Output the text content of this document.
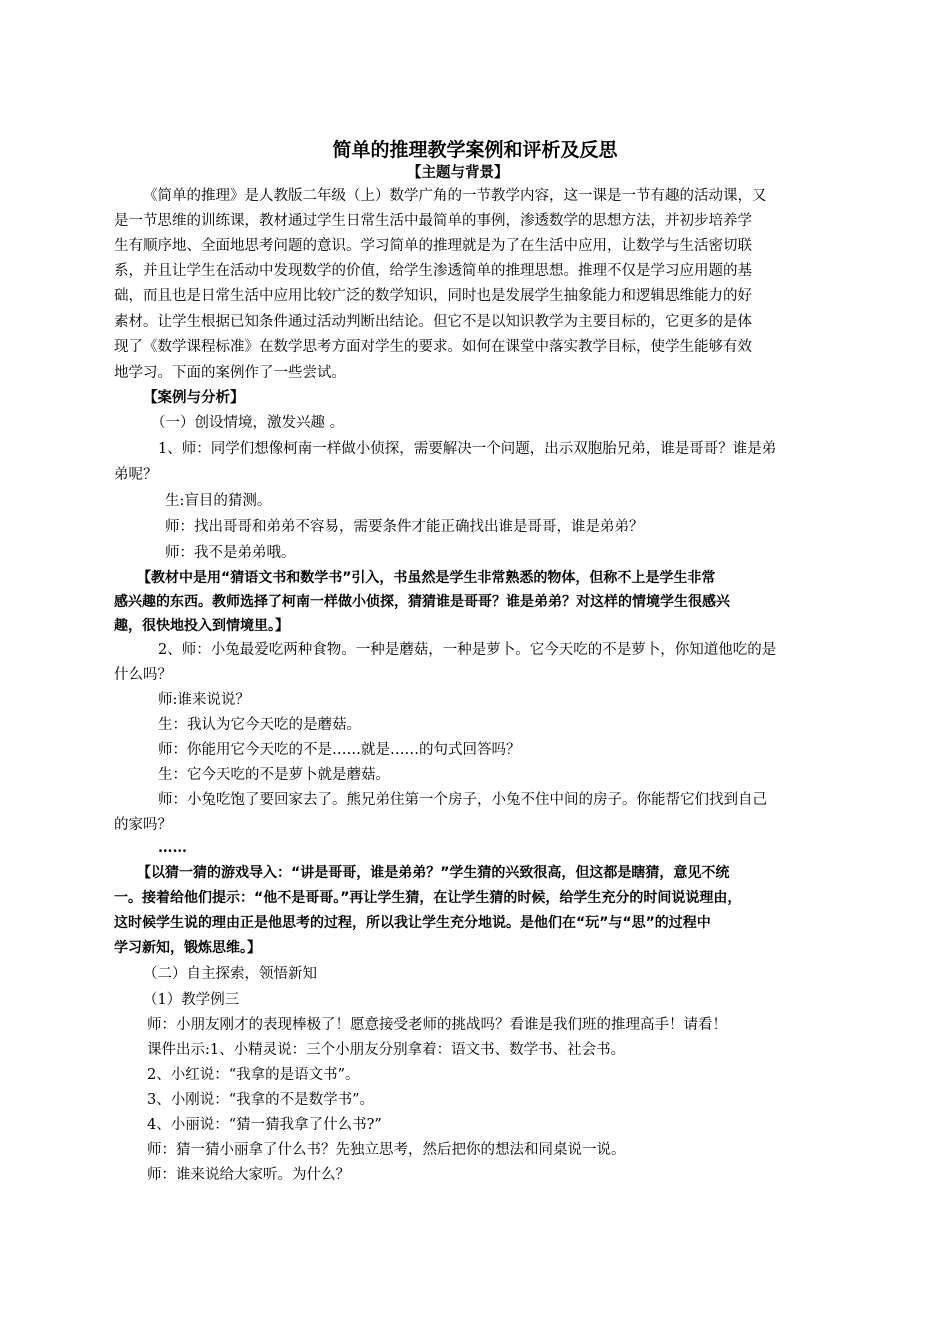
简单的推理教学案例和评析及反思
【主题与背景】
《简单的推理》是人教版二年级（上）数学广角的一节教学内容，这一课是一节有趣的活动课，又
是一节思维的训练课，教材通过学生日常生活中最简单的事例，渗透数学的思想方法，并初步培养学
生有顺序地、全面地思考问题的意识。学习简单的推理就是为了在生活中应用，让数学与生活密切联
系，并且让学生在活动中发现数学的价值，给学生渗透简单的推理思想。推理不仅是学习应用题的基
础，而且也是日常生活中应用比较广泛的数学知识，同时也是发展学生抽象能力和逻辑思维能力的好
素材。让学生根据已知条件通过活动判断出结论。但它不是以知识教学为主要目标的，它更多的是体
现了《数学课程标准》在数学思考方面对学生的要求。如何在课堂中落实教学目标，使学生能够有效
地学习。下面的案例作了一些尝试。
【案例与分析】
（一）创设情境，激发兴趣 。
1、师：同学们想像柯南一样做小侦探，需要解决一个问题，出示双胞胎兄弟，谁是哥哥？谁是弟
弟呢？
生:盲目的猜测。
师：找出哥哥和弟弟不容易，需要条件才能正确找出谁是哥哥，谁是弟弟？
师：我不是弟弟哦。
【教材中是用“猜语文书和数学书”引入，书虽然是学生非常熟悉的物体，但称不上是学生非常
感兴趣的东西。教师选择了柯南一样做小侦探，猜猜谁是哥哥？谁是弟弟？对这样的情境学生很感兴
趣，很快地投入到情境里。】
2、师：小兔最爱吃两种食物。一种是蘑菇，一种是萝卜。它今天吃的不是萝卜，你知道他吃的是
什么吗？
师:谁来说说？
生：我认为它今天吃的是蘑菇。
师：你能用它今天吃的不是……就是……的句式回答吗？
生：它今天吃的不是萝卜就是蘑菇。
师：小兔吃饱了要回家去了。熊兄弟住第一个房子，小兔不住中间的房子。你能帮它们找到自己
的家吗？
……
【以猜一猜的游戏导入：“讲是哥哥，谁是弟弟？”学生猜的兴致很高，但这都是瞎猜，意见不统
一。接着给他们提示：“他不是哥哥。”再让学生猜，在让学生猜的时候，给学生充分的时间说说理由，
这时候学生说的理由正是他思考的过程，所以我让学生充分地说。是他们在“玩”与“思”的过程中
学习新知，锻炼思维。】
（二）自主探索，领悟新知
（1）教学例三
师：小朋友刚才的表现棒极了！愿意接受老师的挑战吗？看谁是我们班的推理高手！请看！
课件出示:1、小精灵说：三个小朋友分别拿着：语文书、数学书、社会书。
2、小红说：“我拿的是语文书”。
3、小刚说：“我拿的不是数学书”。
4、小丽说：“猜一猜我拿了什么书?”
师：猜一猜小丽拿了什么书？先独立思考，然后把你的想法和同桌说一说。
师：谁来说给大家听。为什么？
